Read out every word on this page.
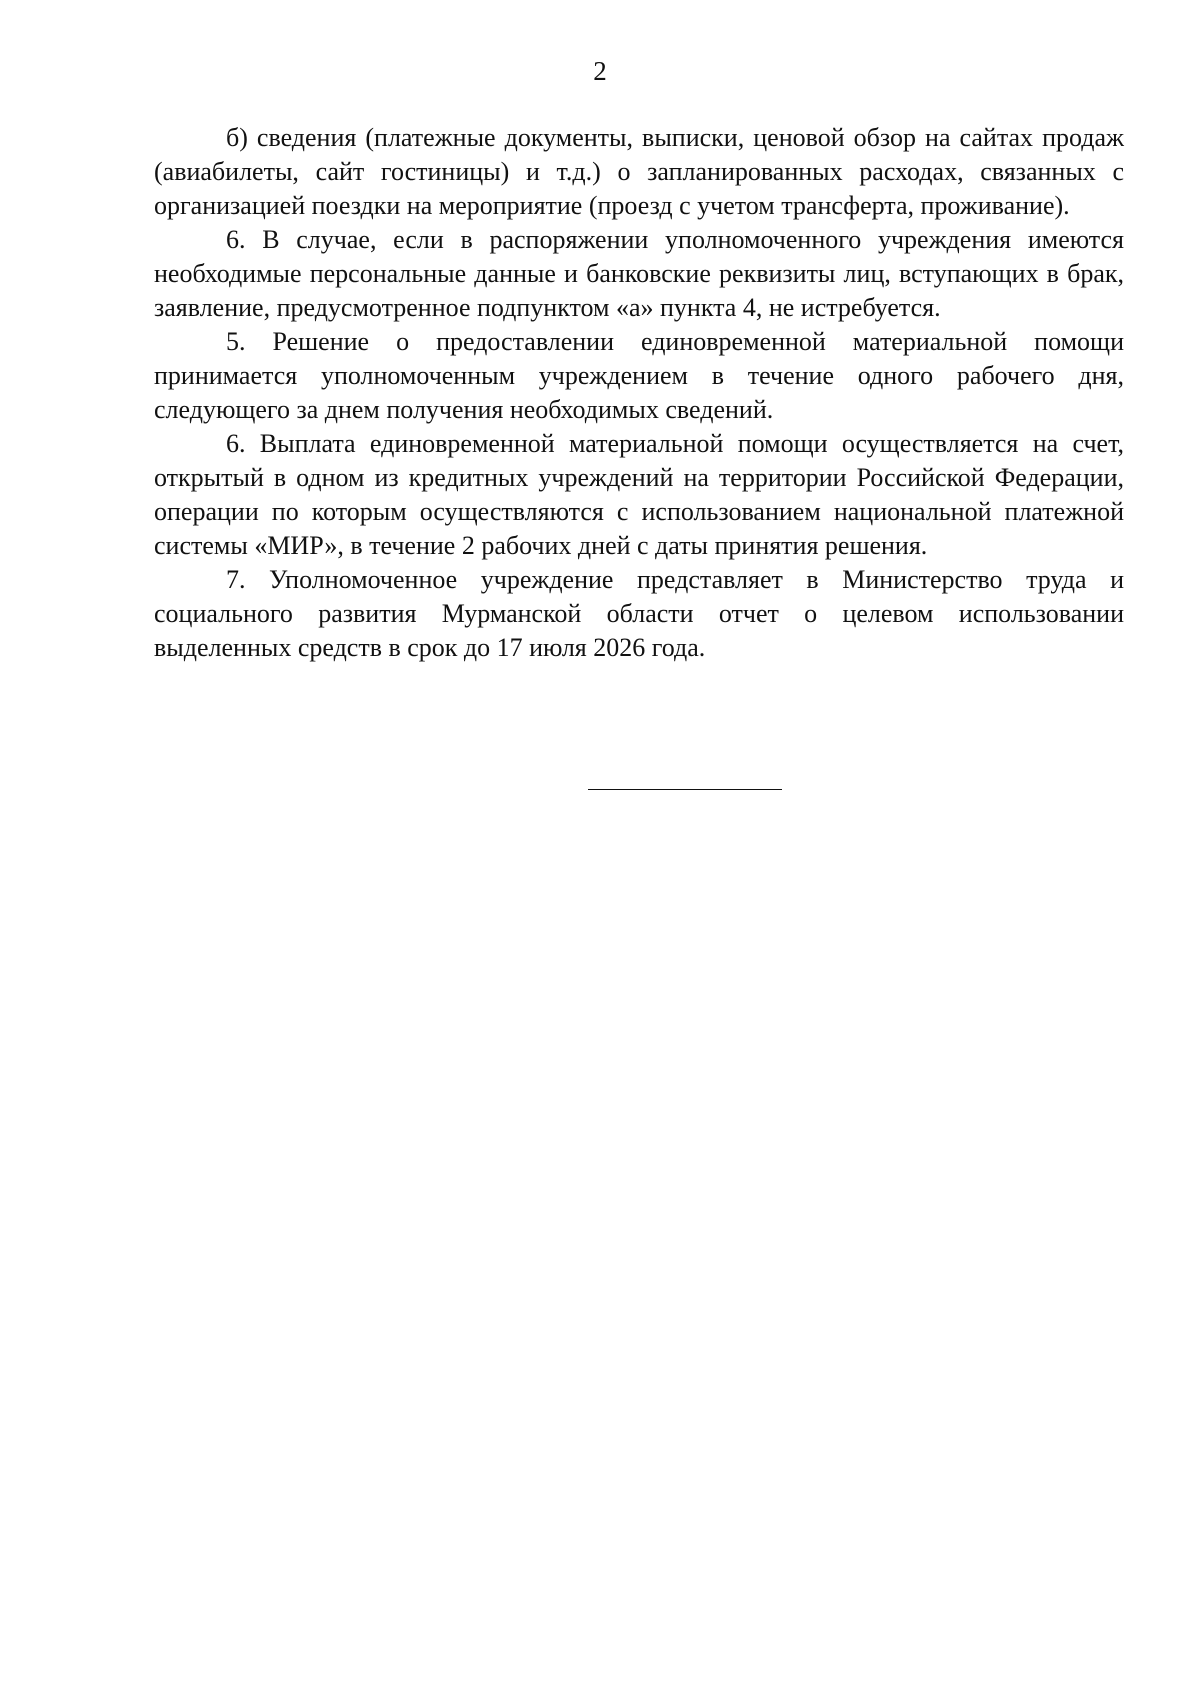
2

б) сведения (платежные документы, выписки, ценовой обзор на сайтах продаж (авиабилеты, сайт гостиницы) и т.д.) о запланированных расходах, связанных с организацией поездки на мероприятие (проезд с учетом трансферта, проживание).

6. В случае, если в распоряжении уполномоченного учреждения имеются необходимые персональные данные и банковские реквизиты лиц, вступающих в брак, заявление, предусмотренное подпунктом «а» пункта 4, не истребуется.

5. Решение о предоставлении единовременной материальной помощи принимается уполномоченным учреждением в течение одного рабочего дня, следующего за днем получения необходимых сведений.

6. Выплата единовременной материальной помощи осуществляется на счет, открытый в одном из кредитных учреждений на территории Российской Федерации, операции по которым осуществляются с использованием национальной платежной системы «МИР», в течение 2 рабочих дней с даты принятия решения.

7. Уполномоченное учреждение представляет в Министерство труда и социального развития Мурманской области отчет о целевом использовании выделенных средств в срок до 17 июля 2026 года.
